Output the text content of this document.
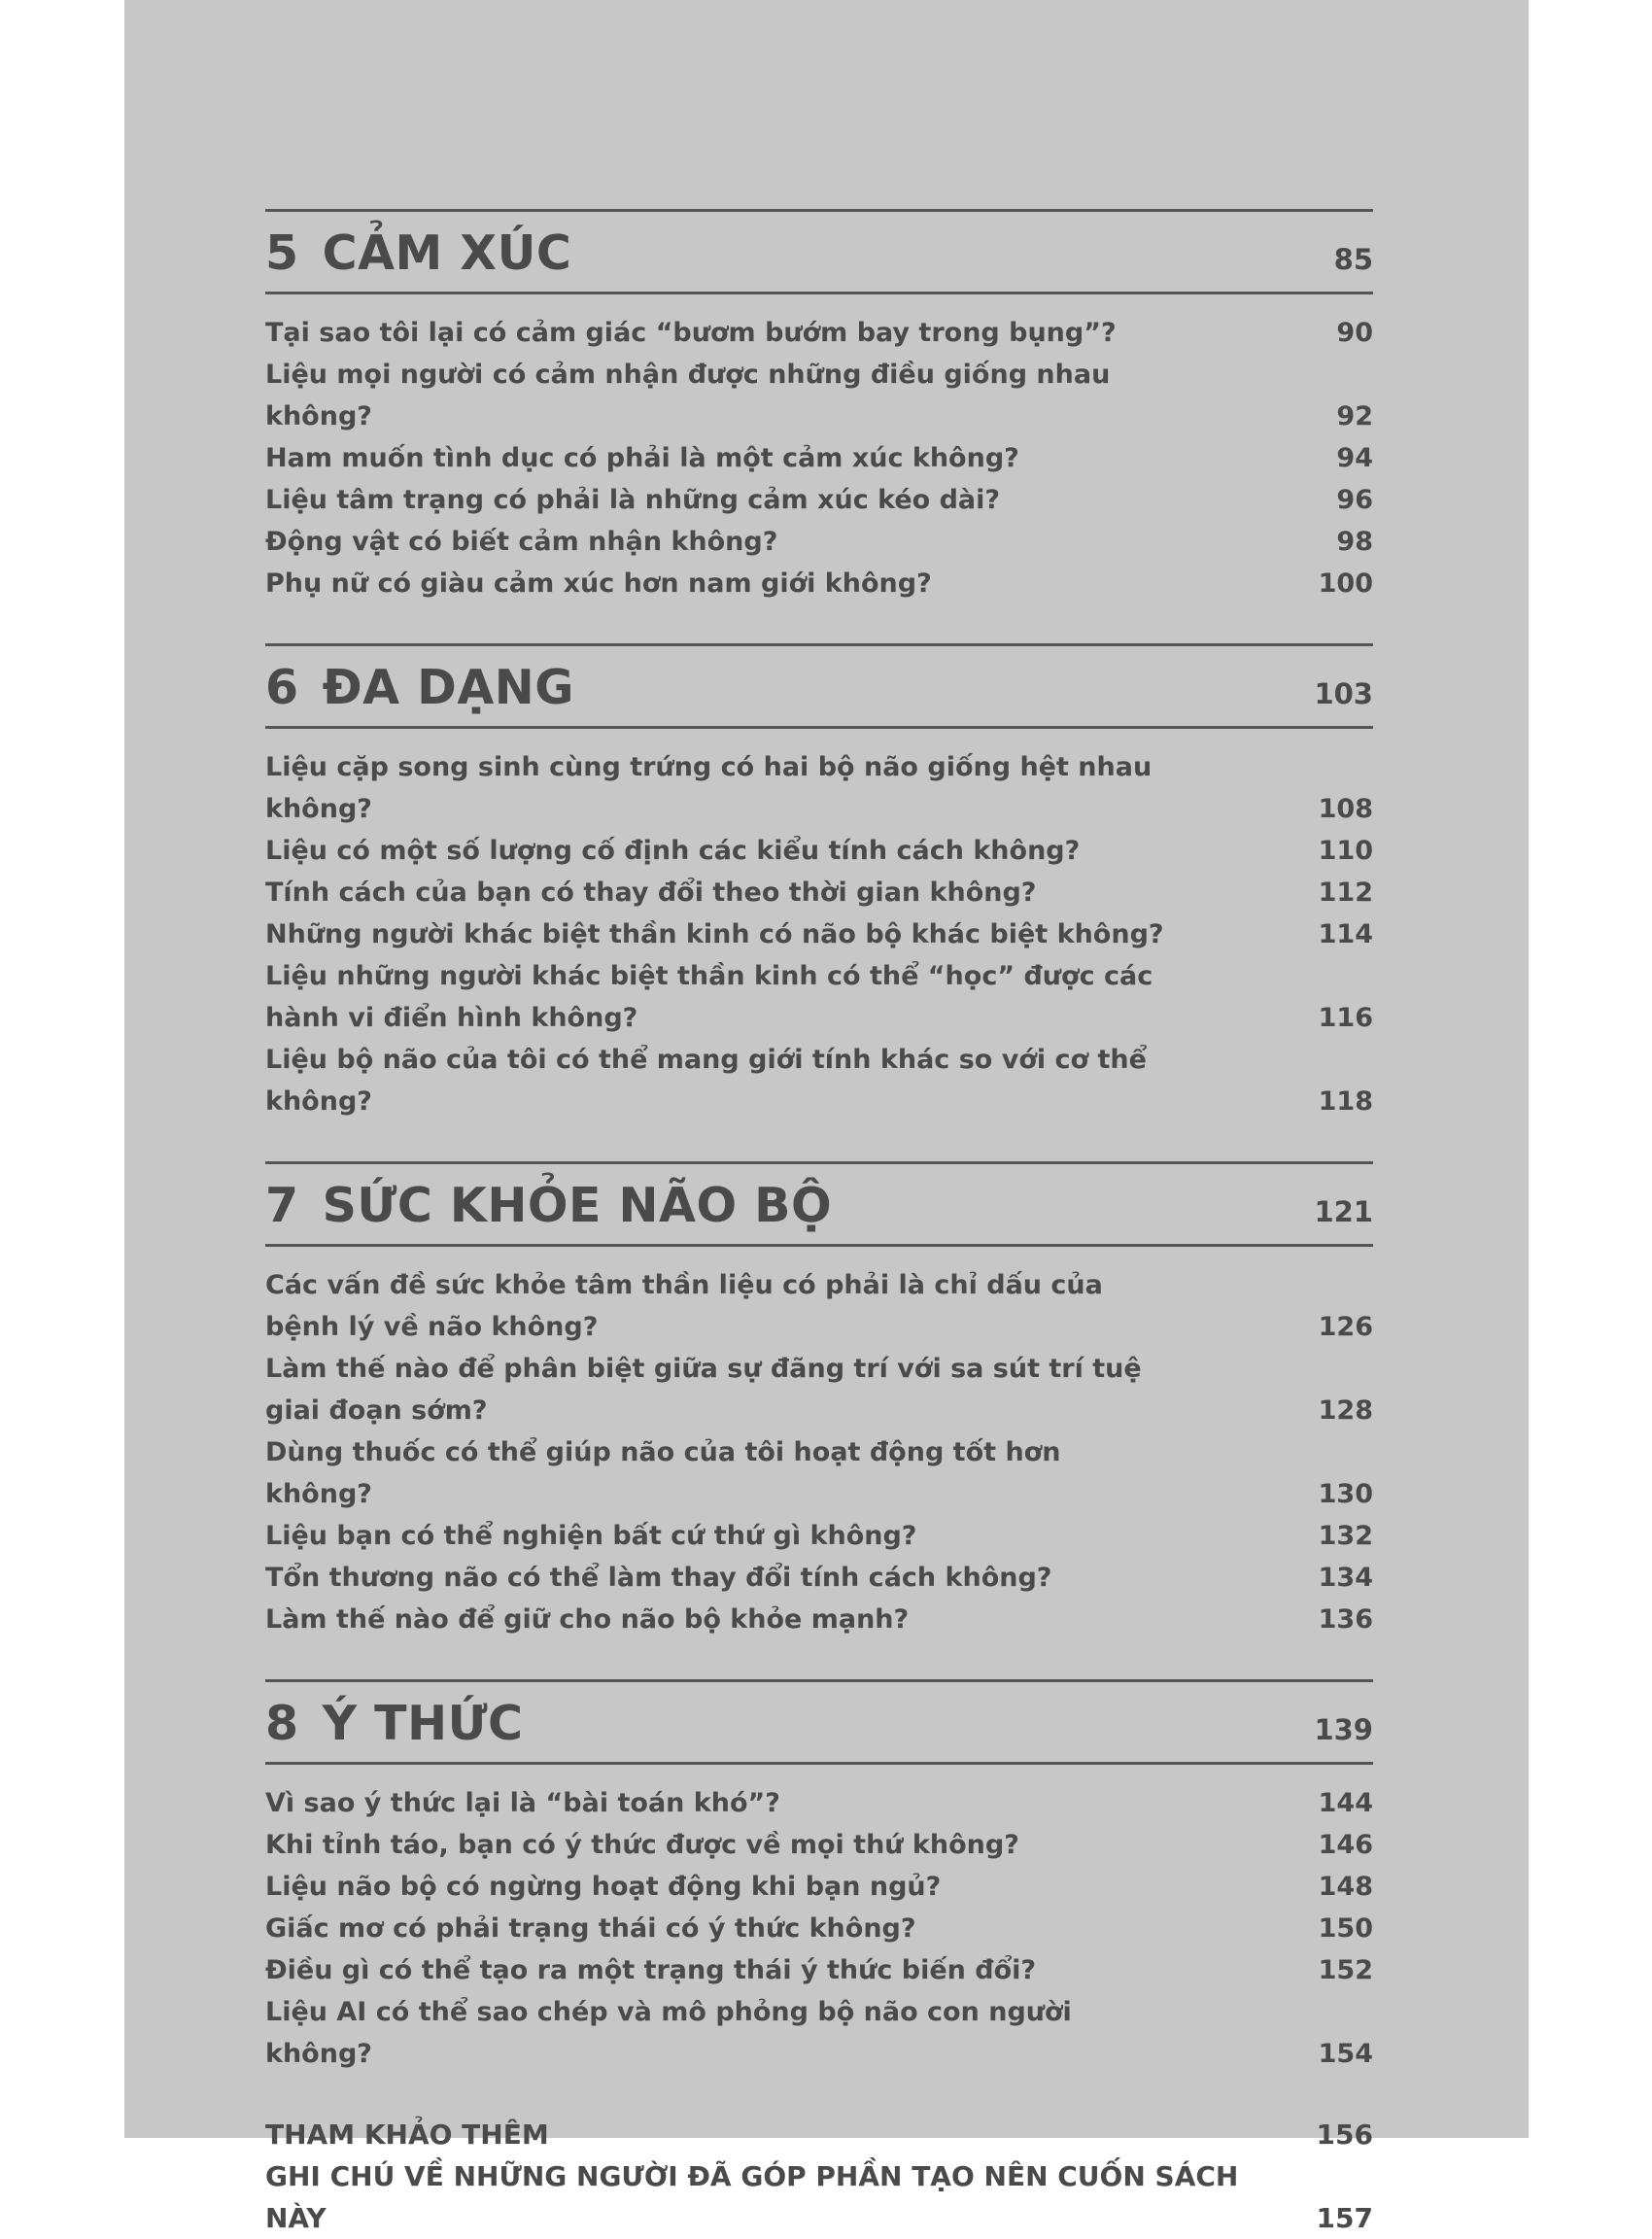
5 CẢM XÚC	85
Tại sao tôi lại có cảm giác “bươm bướm bay trong bụng”?	90
Liệu mọi người có cảm nhận được những điều giống nhau không?	92
Ham muốn tình dục có phải là một cảm xúc không?	94
Liệu tâm trạng có phải là những cảm xúc kéo dài?	96
Động vật có biết cảm nhận không?	98
Phụ nữ có giàu cảm xúc hơn nam giới không?	100
6 ĐA DẠNG	103
Liệu cặp song sinh cùng trứng có hai bộ não giống hệt nhau không?	108
Liệu có một số lượng cố định các kiểu tính cách không?	110
Tính cách của bạn có thay đổi theo thời gian không?	112
Những người khác biệt thần kinh có não bộ khác biệt không?	114
Liệu những người khác biệt thần kinh có thể “học” được các hành vi điển hình không?	116
Liệu bộ não của tôi có thể mang giới tính khác so với cơ thể không?	118
7 SỨC KHỎE NÃO BỘ	121
Các vấn đề sức khỏe tâm thần liệu có phải là chỉ dấu của bệnh lý về não không?	126
Làm thế nào để phân biệt giữa sự đãng trí với sa sút trí tuệ giai đoạn sớm?	128
Dùng thuốc có thể giúp não của tôi hoạt động tốt hơn không?	130
Liệu bạn có thể nghiện bất cứ thứ gì không?	132
Tổn thương não có thể làm thay đổi tính cách không?	134
Làm thế nào để giữ cho não bộ khỏe mạnh?	136
8 Ý THỨC	139
Vì sao ý thức lại là “bài toán khó”?	144
Khi tỉnh táo, bạn có ý thức được về mọi thứ không?	146
Liệu não bộ có ngừng hoạt động khi bạn ngủ?	148
Giấc mơ có phải trạng thái có ý thức không?	150
Điều gì có thể tạo ra một trạng thái ý thức biến đổi?	152
Liệu AI có thể sao chép và mô phỏng bộ não con người không?	154
THAM KHẢO THÊM	156
GHI CHÚ VỀ NHỮNG NGƯỜI ĐÃ GÓP PHẦN TẠO NÊN CUỐN SÁCH NÀY	157
